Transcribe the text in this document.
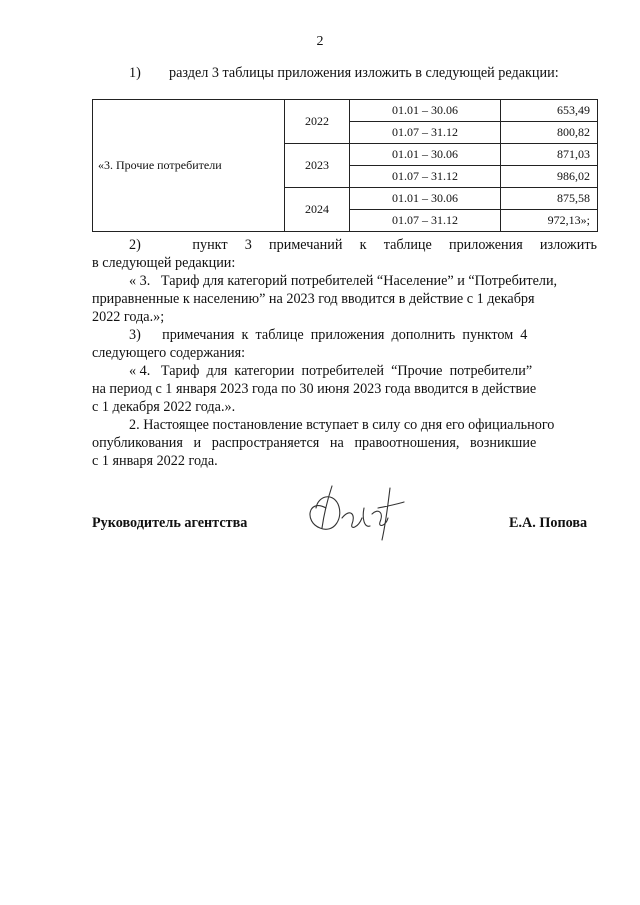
2
1) раздел 3 таблицы приложения изложить в следующей редакции:
«3. Прочие потребители	2022	01.01 – 30.06	653,49
		01.07 – 31.12	800,82
	2023	01.01 – 30.06	871,03
		01.07 – 31.12	986,02
	2024	01.01 – 30.06	875,58
		01.07 – 31.12	972,13»;
2)      пункт  3  примечаний  к  таблице  приложения  изложить
в следующей редакции:
« 3.   Тариф для категорий потребителей “Население” и “Потребители,
приравненные к населению” на 2023 год вводится в действие с 1 декабря
2022 года.»;
3)      примечания  к  таблице  приложения  дополнить  пунктом  4
следующего содержания:
« 4.   Тариф  для  категории  потребителей  “Прочие  потребители”
на период с 1 января 2023 года по 30 июня 2023 года вводится в действие
с 1 декабря 2022 года.».
2. Настоящее постановление вступает в силу со дня его официального
опубликования   и   распространяется   на   правоотношения,   возникшие
с 1 января 2022 года.
Руководитель агентства	Е.А. Попова
